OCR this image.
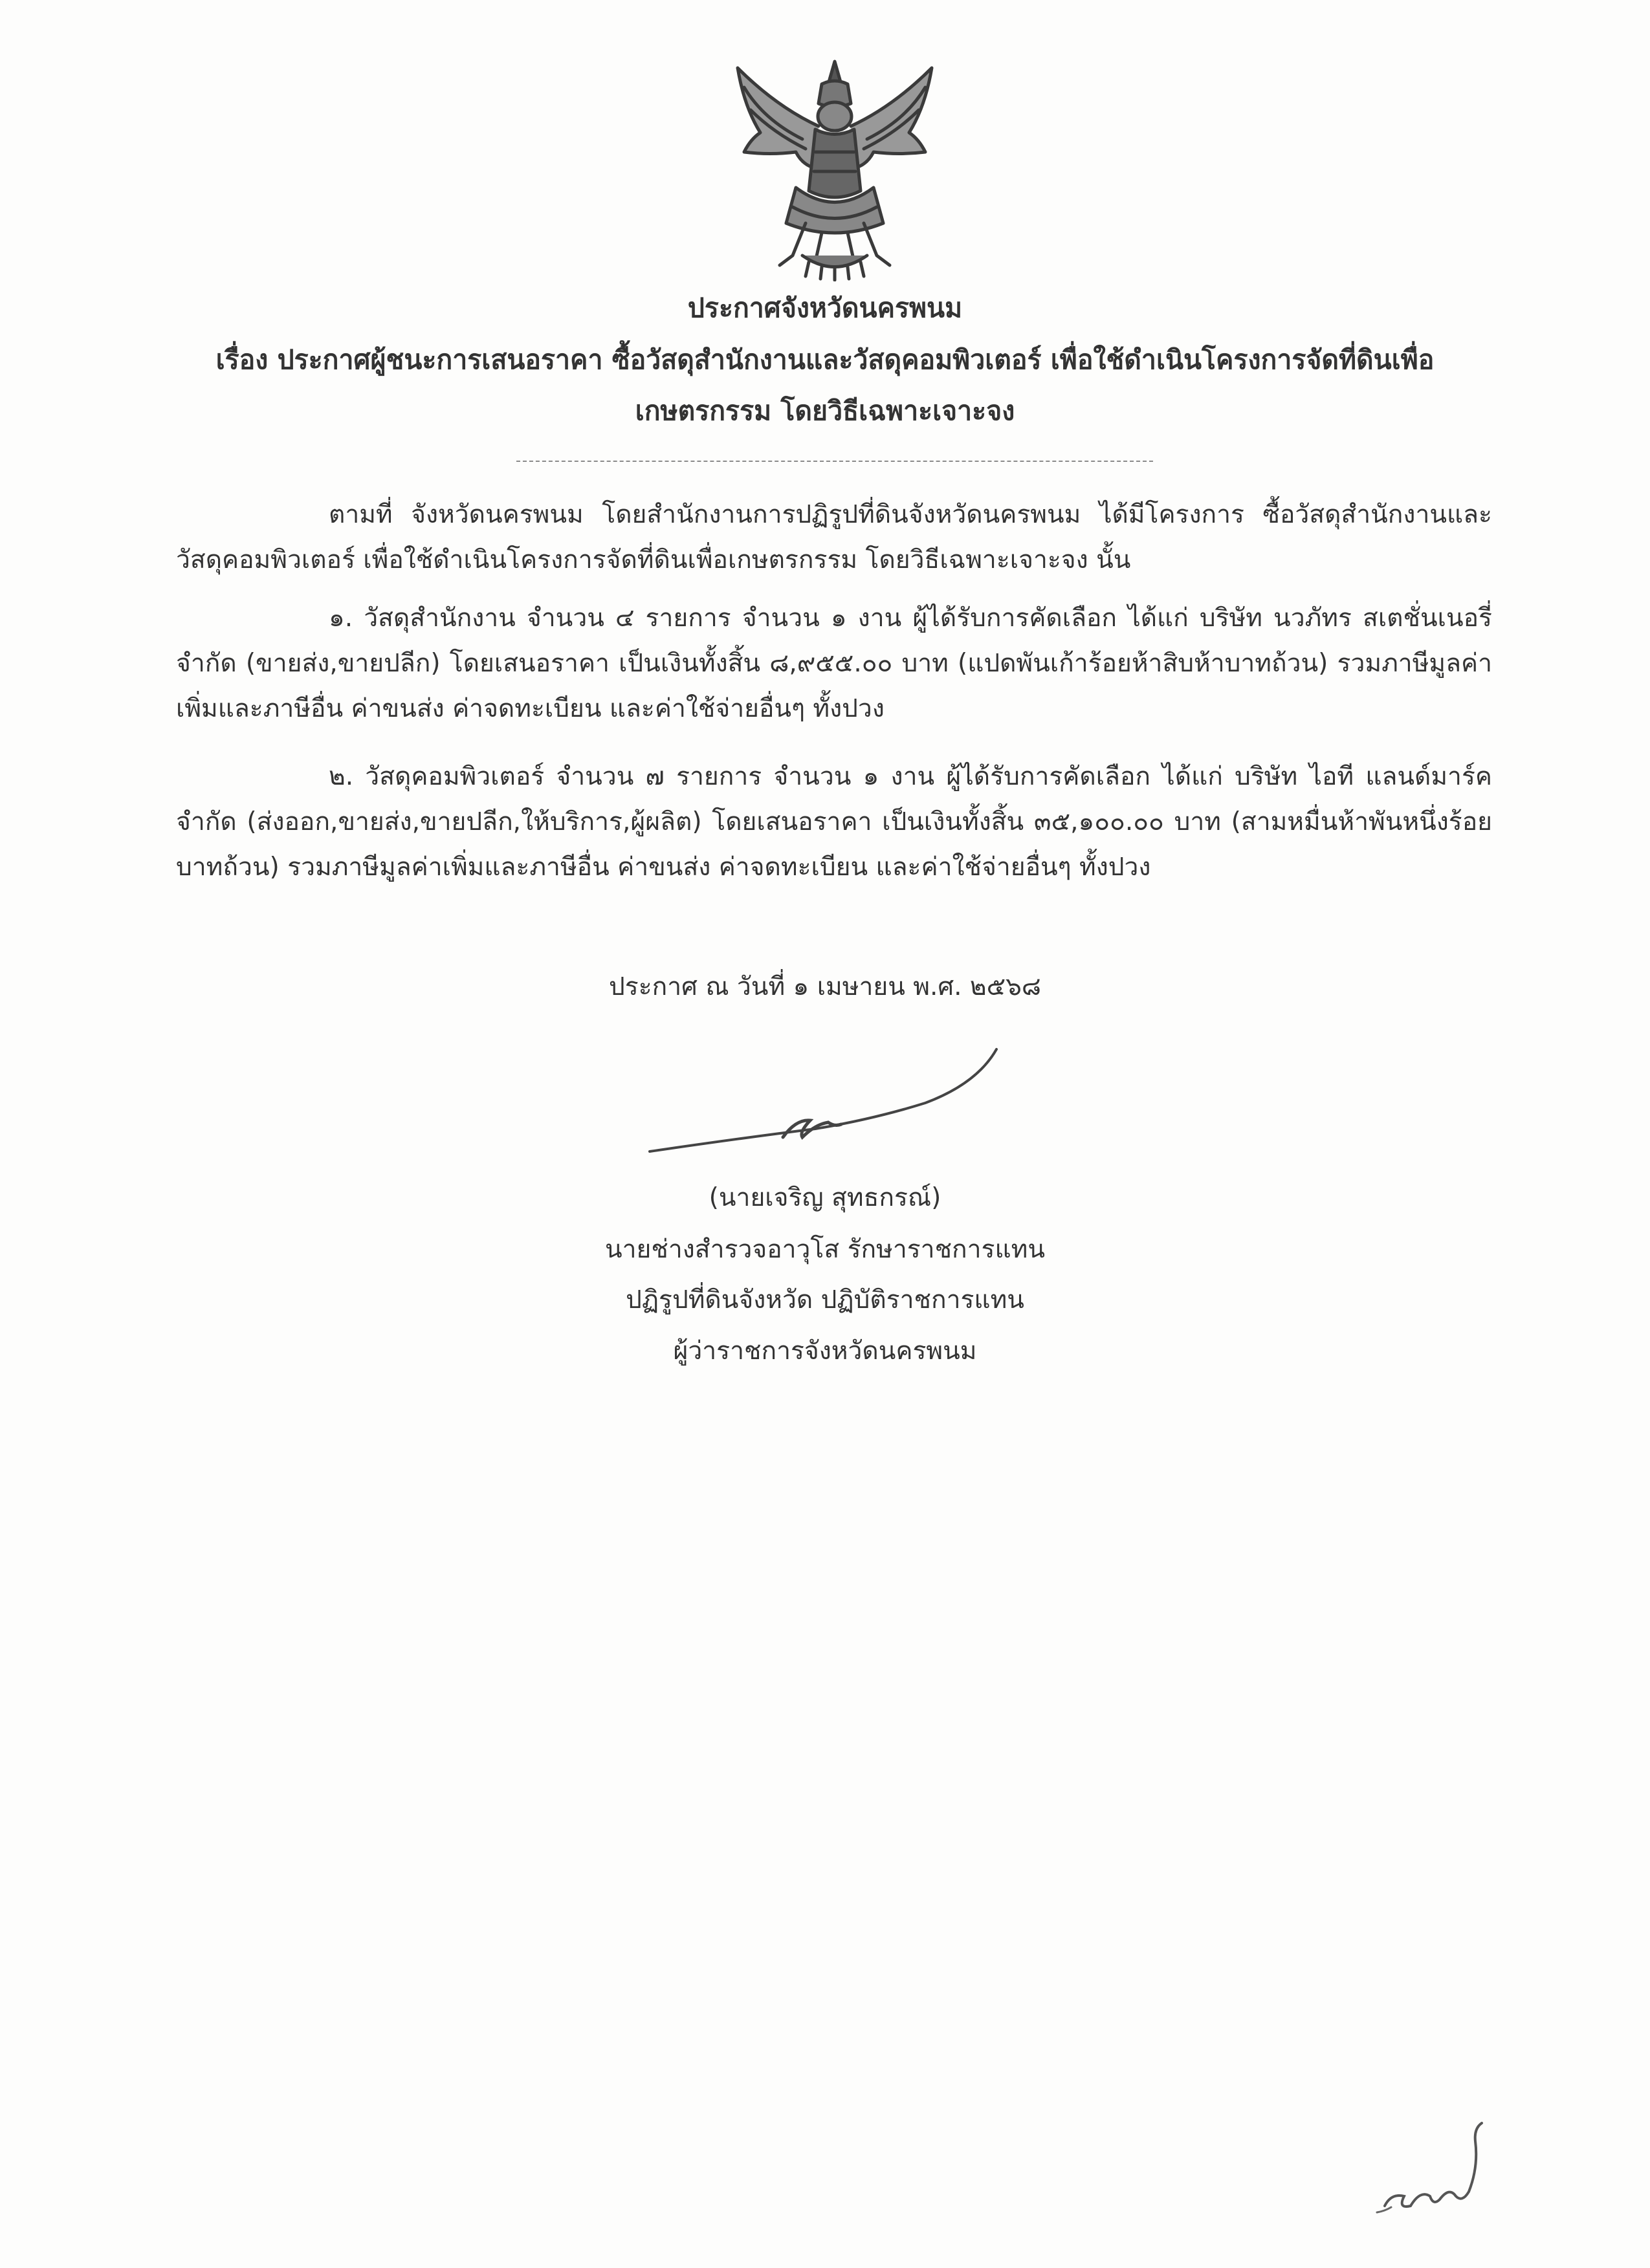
ประกาศจังหวัดนครพนม
เรื่อง ประกาศผู้ชนะการเสนอราคา ซื้อวัสดุสำนักงานและวัสดุคอมพิวเตอร์ เพื่อใช้ดำเนินโครงการจัดที่ดินเพื่อ
เกษตรกรรม โดยวิธีเฉพาะเจาะจง

ตามที่ จังหวัดนครพนม โดยสำนักงานการปฏิรูปที่ดินจังหวัดนครพนม ได้มีโครงการ ซื้อวัสดุสำนักงานและวัสดุคอมพิวเตอร์ เพื่อใช้ดำเนินโครงการจัดที่ดินเพื่อเกษตรกรรม โดยวิธีเฉพาะเจาะจง นั้น

๑. วัสดุสำนักงาน จำนวน ๔ รายการ จำนวน ๑ งาน ผู้ได้รับการคัดเลือก ได้แก่ บริษัท นวภัทร สเตชั่นเนอรี่ จำกัด (ขายส่ง,ขายปลีก) โดยเสนอราคา เป็นเงินทั้งสิ้น ๘,๙๕๕.๐๐ บาท (แปดพันเก้าร้อยห้าสิบห้าบาทถ้วน) รวมภาษีมูลค่าเพิ่มและภาษีอื่น ค่าขนส่ง ค่าจดทะเบียน และค่าใช้จ่ายอื่นๆ ทั้งปวง

๒. วัสดุคอมพิวเตอร์ จำนวน ๗ รายการ จำนวน ๑ งาน ผู้ได้รับการคัดเลือก ได้แก่ บริษัท ไอที แลนด์มาร์ค จำกัด (ส่งออก,ขายส่ง,ขายปลีก,ให้บริการ,ผู้ผลิต) โดยเสนอราคา เป็นเงินทั้งสิ้น ๓๕,๑๐๐.๐๐ บาท (สามหมื่นห้าพันหนึ่งร้อยบาทถ้วน) รวมภาษีมูลค่าเพิ่มและภาษีอื่น ค่าขนส่ง ค่าจดทะเบียน และค่าใช้จ่ายอื่นๆ ทั้งปวง

ประกาศ ณ วันที่ ๑ เมษายน พ.ศ. ๒๕๖๘
(นายเจริญ สุทธกรณ์)
นายช่างสำรวจอาวุโส รักษาราชการแทน
ปฏิรูปที่ดินจังหวัด ปฏิบัติราชการแทน
ผู้ว่าราชการจังหวัดนครพนม
